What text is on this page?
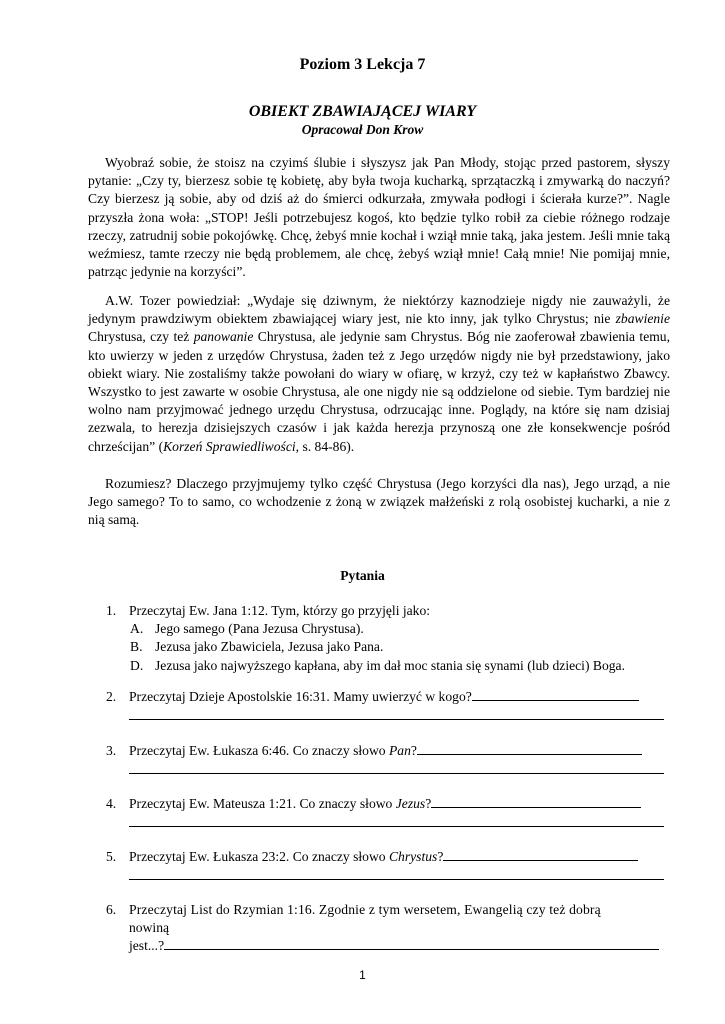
Poziom 3 Lekcja 7
OBIEKT ZBAWIAJĄCEJ WIARY
Opracował Don Krow

Wyobraź sobie, że stoisz na czyimś ślubie i słyszysz jak Pan Młody, stojąc przed pastorem, słyszy pytanie: „Czy ty, bierzesz sobie tę kobietę, aby była twoja kucharką, sprzątaczką i zmywarką do naczyń? Czy bierzesz ją sobie, aby od dziś aż do śmierci odkurzała, zmywała podłogi i ścierała kurze?”. Nagle przyszła żona woła: „STOP! Jeśli potrzebujesz kogoś, kto będzie tylko robił za ciebie różnego rodzaje rzeczy, zatrudnij sobie pokojówkę. Chcę, żebyś mnie kochał i wziął mnie taką, jaka jestem. Jeśli mnie taką weźmiesz, tamte rzeczy nie będą problemem, ale chcę, żebyś wziął mnie! Całą mnie! Nie pomijaj mnie, patrząc jedynie na korzyści”.

A.W. Tozer powiedział: „Wydaje się dziwnym, że niektórzy kaznodzieje nigdy nie zauważyli, że jedynym prawdziwym obiektem zbawiającej wiary jest, nie kto inny, jak tylko Chrystus; nie zbawienie Chrystusa, czy też panowanie Chrystusa, ale jedynie sam Chrystus. Bóg nie zaoferował zbawienia temu, kto uwierzy w jeden z urzędów Chrystusa, żaden też z Jego urzędów nigdy nie był przedstawiony, jako obiekt wiary. Nie zostaliśmy także powołani do wiary w ofiarę, w krzyż, czy też w kapłaństwo Zbawcy. Wszystko to jest zawarte w osobie Chrystusa, ale one nigdy nie są oddzielone od siebie. Tym bardziej nie wolno nam przyjmować jednego urzędu Chrystusa, odrzucając inne. Poglądy, na które się nam dzisiaj zezwala, to herezja dzisiejszych czasów i jak każda herezja przynoszą one złe konsekwencje pośród chrześcijan” (Korzeń Sprawiedliwości, s. 84-86).

Rozumiesz? Dlaczego przyjmujemy tylko część Chrystusa (Jego korzyści dla nas), Jego urząd, a nie Jego samego? To to samo, co wchodzenie z żoną w związek małżeński z rolą osobistej kucharki, a nie z nią samą.

Pytania
1. Przeczytaj Ew. Jana 1:12. Tym, którzy go przyjęli jako:
A. Jego samego (Pana Jezusa Chrystusa).
B. Jezusa jako Zbawiciela, Jezusa jako Pana.
D. Jezusa jako najwyższego kapłana, aby im dał moc stania się synami (lub dzieci) Boga.
2. Przeczytaj Dzieje Apostolskie 16:31. Mamy uwierzyć w kogo?
3. Przeczytaj Ew. Łukasza 6:46. Co znaczy słowo Pan?
4. Przeczytaj Ew. Mateusza 1:21. Co znaczy słowo Jezus?
5. Przeczytaj Ew. Łukasza 23:2. Co znaczy słowo Chrystus?
6. Przeczytaj List do Rzymian 1:16. Zgodnie z tym wersetem, Ewangelią czy też dobrą
nowiną
jest...?
1
